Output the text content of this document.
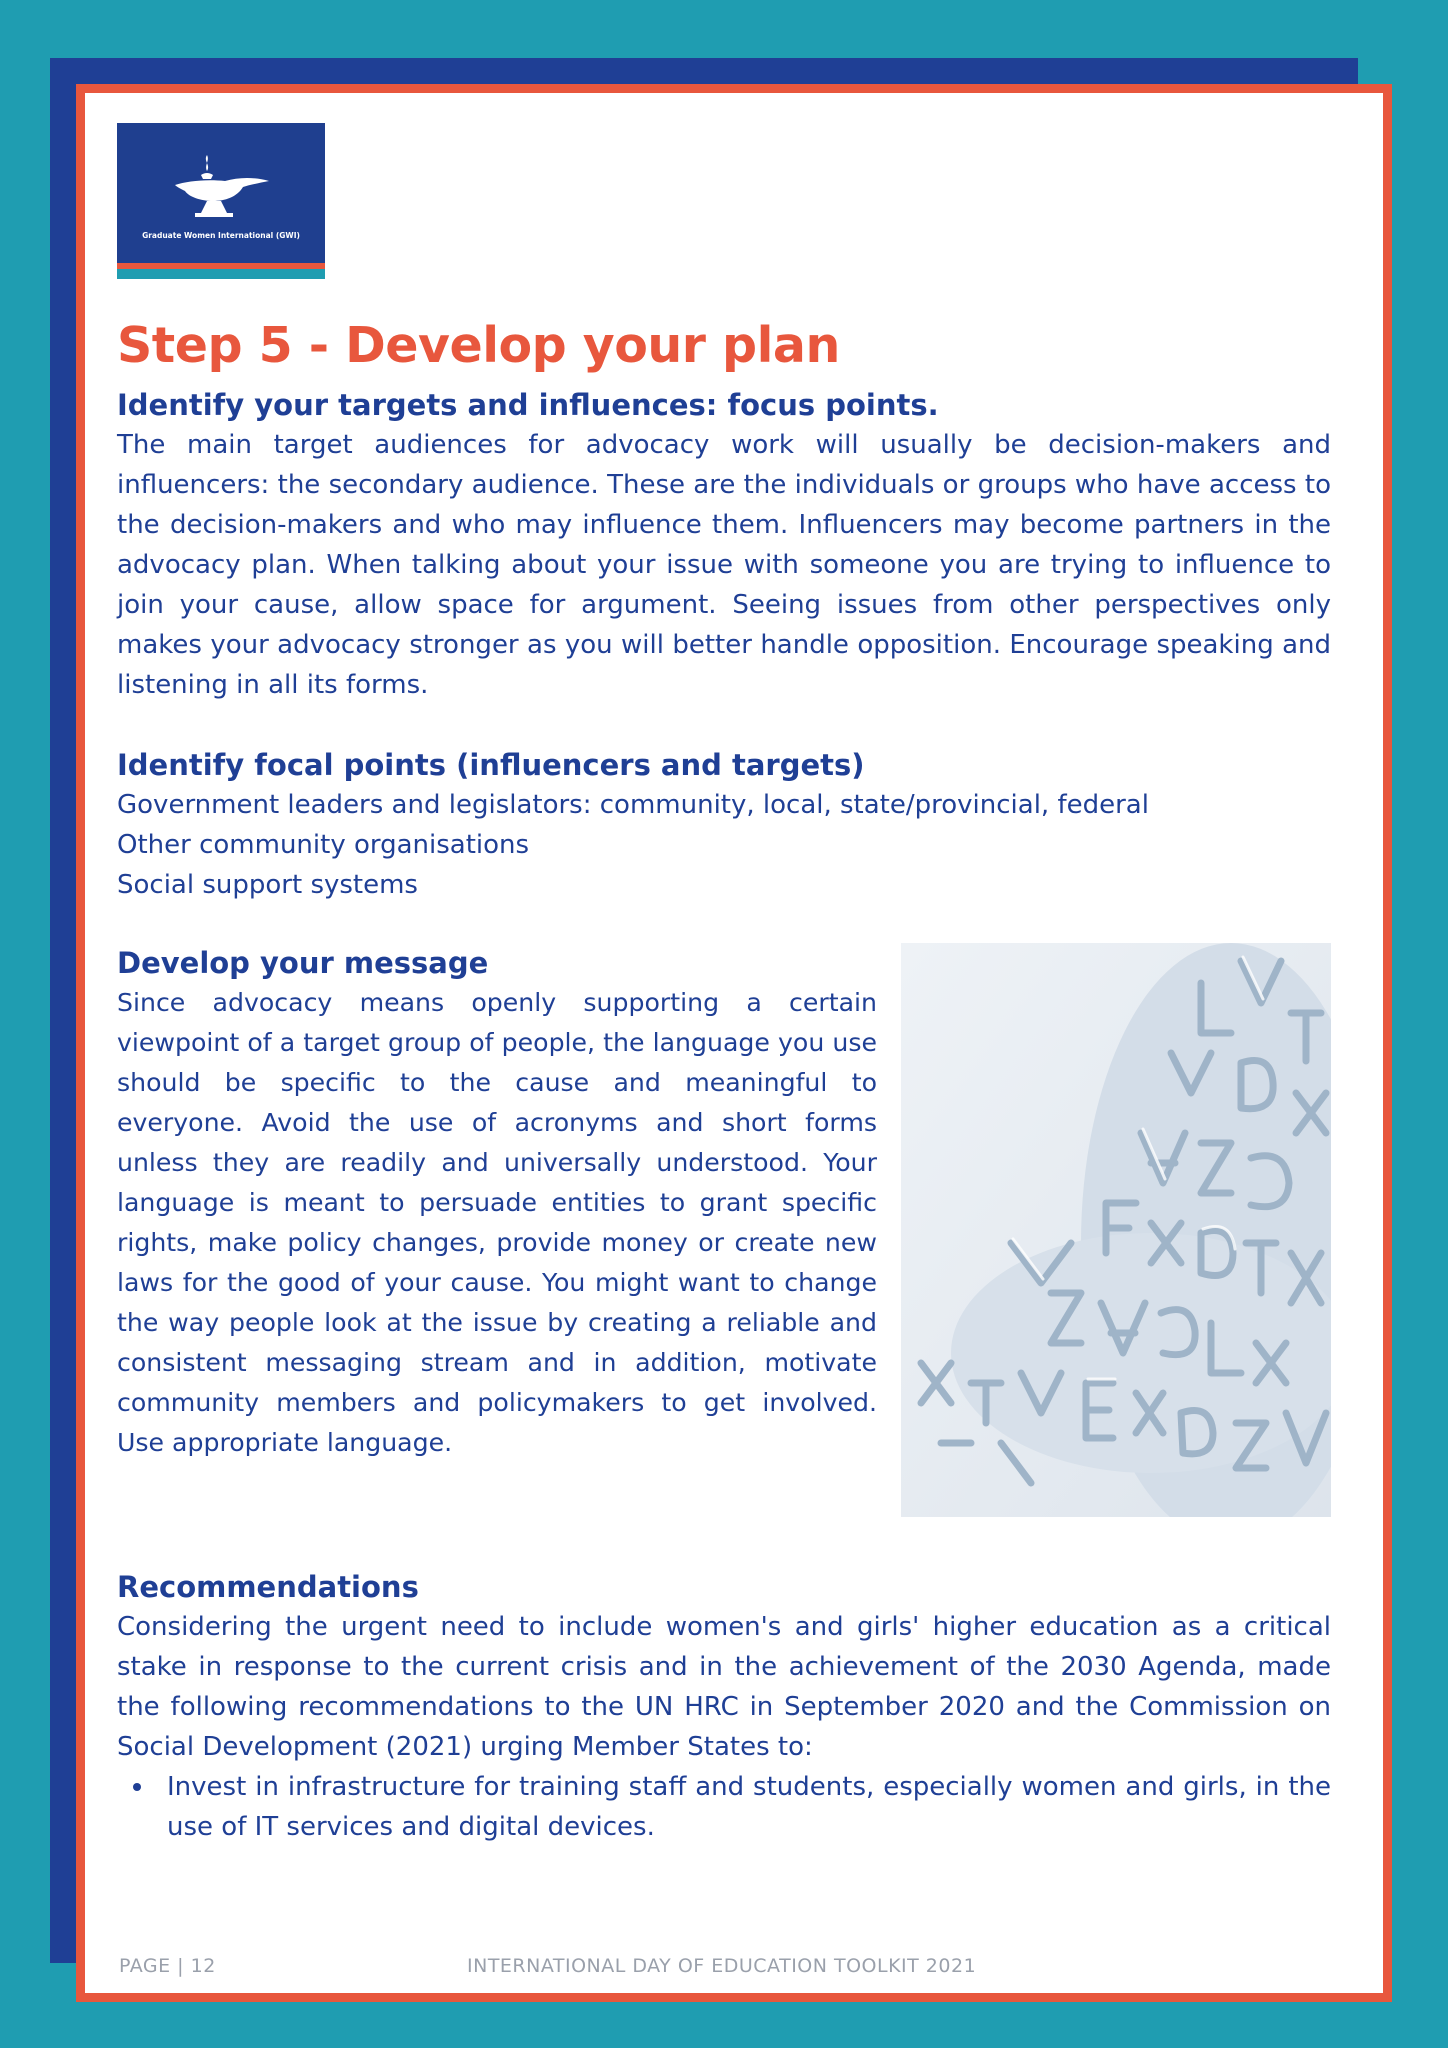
Graduate Women International (GWI)
Step 5 - Develop your plan
Identify your targets and influences: focus points.

The main target audiences for advocacy work will usually be decision-makers and influencers: the secondary audience. These are the individuals or groups who have access to the decision-makers and who may influence them. Influencers may become partners in the advocacy plan. When talking about your issue with someone you are trying to influence to join your cause, allow space for argument. Seeing issues from other perspectives only makes your advocacy stronger as you will better handle opposition. Encourage speaking and listening in all its forms.

Identify focal points (influencers and targets)
Government leaders and legislators: community, local, state/provincial, federal
Other community organisations
Social support systems
Develop your message

Since advocacy means openly supporting a certain viewpoint of a target group of people, the language you use should be specific to the cause and meaningful to everyone. Avoid the use of acronyms and short forms unless they are readily and universally understood. Your language is meant to persuade entities to grant specific rights, make policy changes, provide money or create new laws for the good of your cause. You might want to change the way people look at the issue by creating a reliable and consistent messaging stream and in addition, motivate community members and policymakers to get involved. Use appropriate language.

Recommendations

Considering the urgent need to include women's and girls' higher education as a critical stake in response to the current crisis and in the achievement of the 2030 Agenda, made the following recommendations to the UN HRC in September 2020 and the Commission on Social Development (2021) urging Member States to:

Invest in infrastructure for training staff and students, especially women and girls, in the use of IT services and digital devices.
PAGE | 12	INTERNATIONAL DAY OF EDUCATION TOOLKIT 2021
